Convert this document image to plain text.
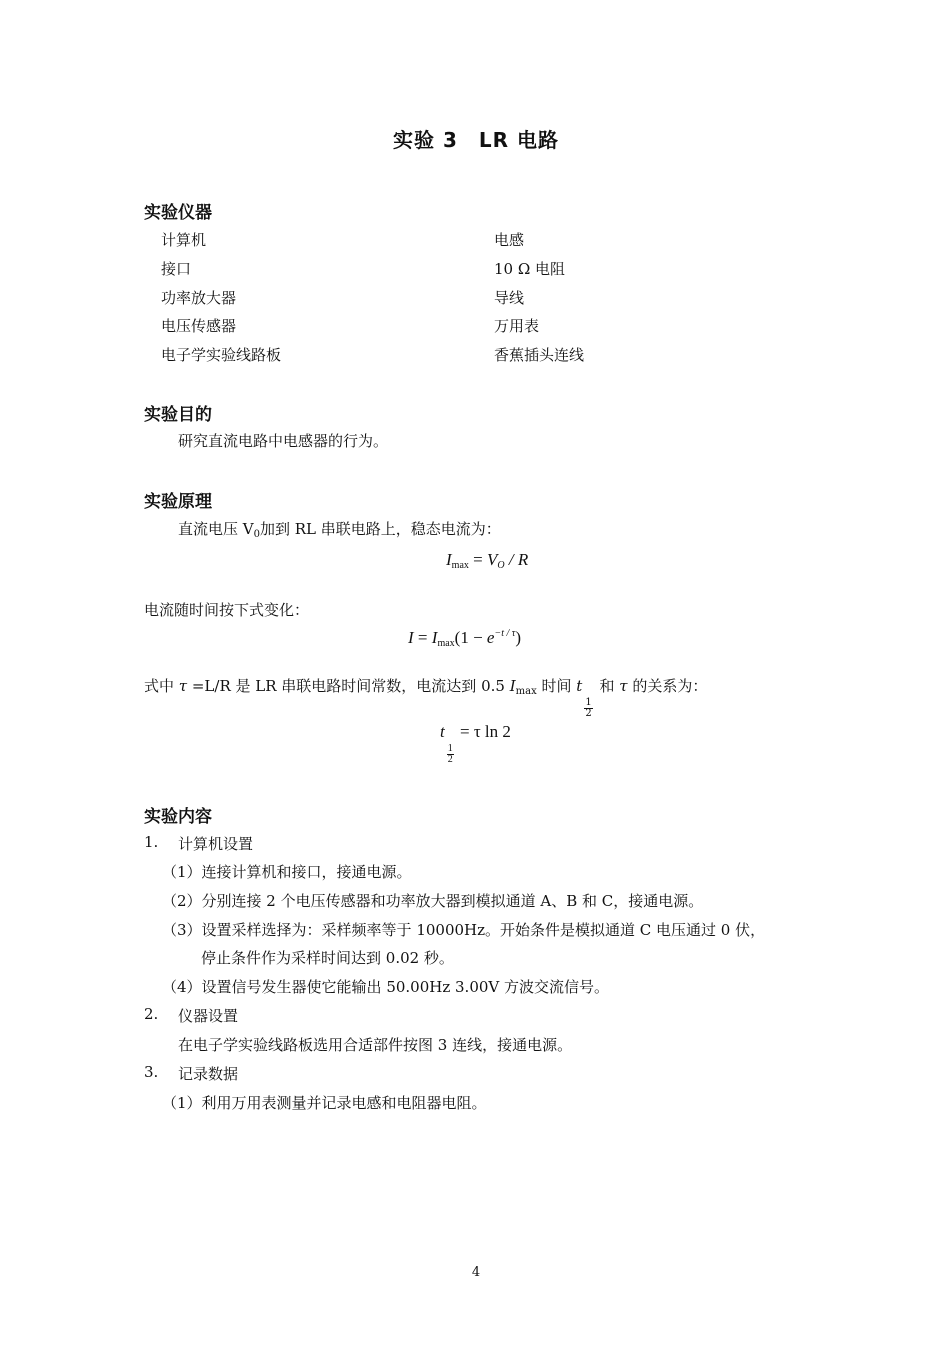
实验 3　LR 电路
实验仪器
计算机
接口
功率放大器
电压传感器
电子学实验线路板
电感
10 Ω 电阻
导线
万用表
香蕉插头连线
实验目的
研究直流电路中电感器的行为。
实验原理
直流电压 $V_0$加到 RL 串联电路上，稳态电流为：
$I_{max} = V_O / R$
电流随时间按下式变化：
$I = I_{max}(1 - e^{-t / \tau})$
式中 τ =L/R 是 LR 串联电路时间常数，电流达到 0.5 $I_{max}$ 时间 t
$\frac{1}{2}$
和 τ 的关系为：
t
$\frac{1}{2}$
= τ ln 2
实验内容
1. 计算机设置
（1）连接计算机和接口，接通电源。
（2）分别连接 2 个电压传感器和功率放大器到模拟通道 A、B 和 C，接通电源。
（3）设置采样选择为：采样频率等于 10000Hz。开始条件是模拟通道 C 电压通过 0 伏，
停止条件作为采样时间达到 0.02 秒。
（4）设置信号发生器使它能输出 50.00Hz 3.00V 方波交流信号。
2. 仪器设置
在电子学实验线路板选用合适部件按图 3 连线，接通电源。
3. 记录数据
（1）利用万用表测量并记录电感和电阻器电阻。
4
